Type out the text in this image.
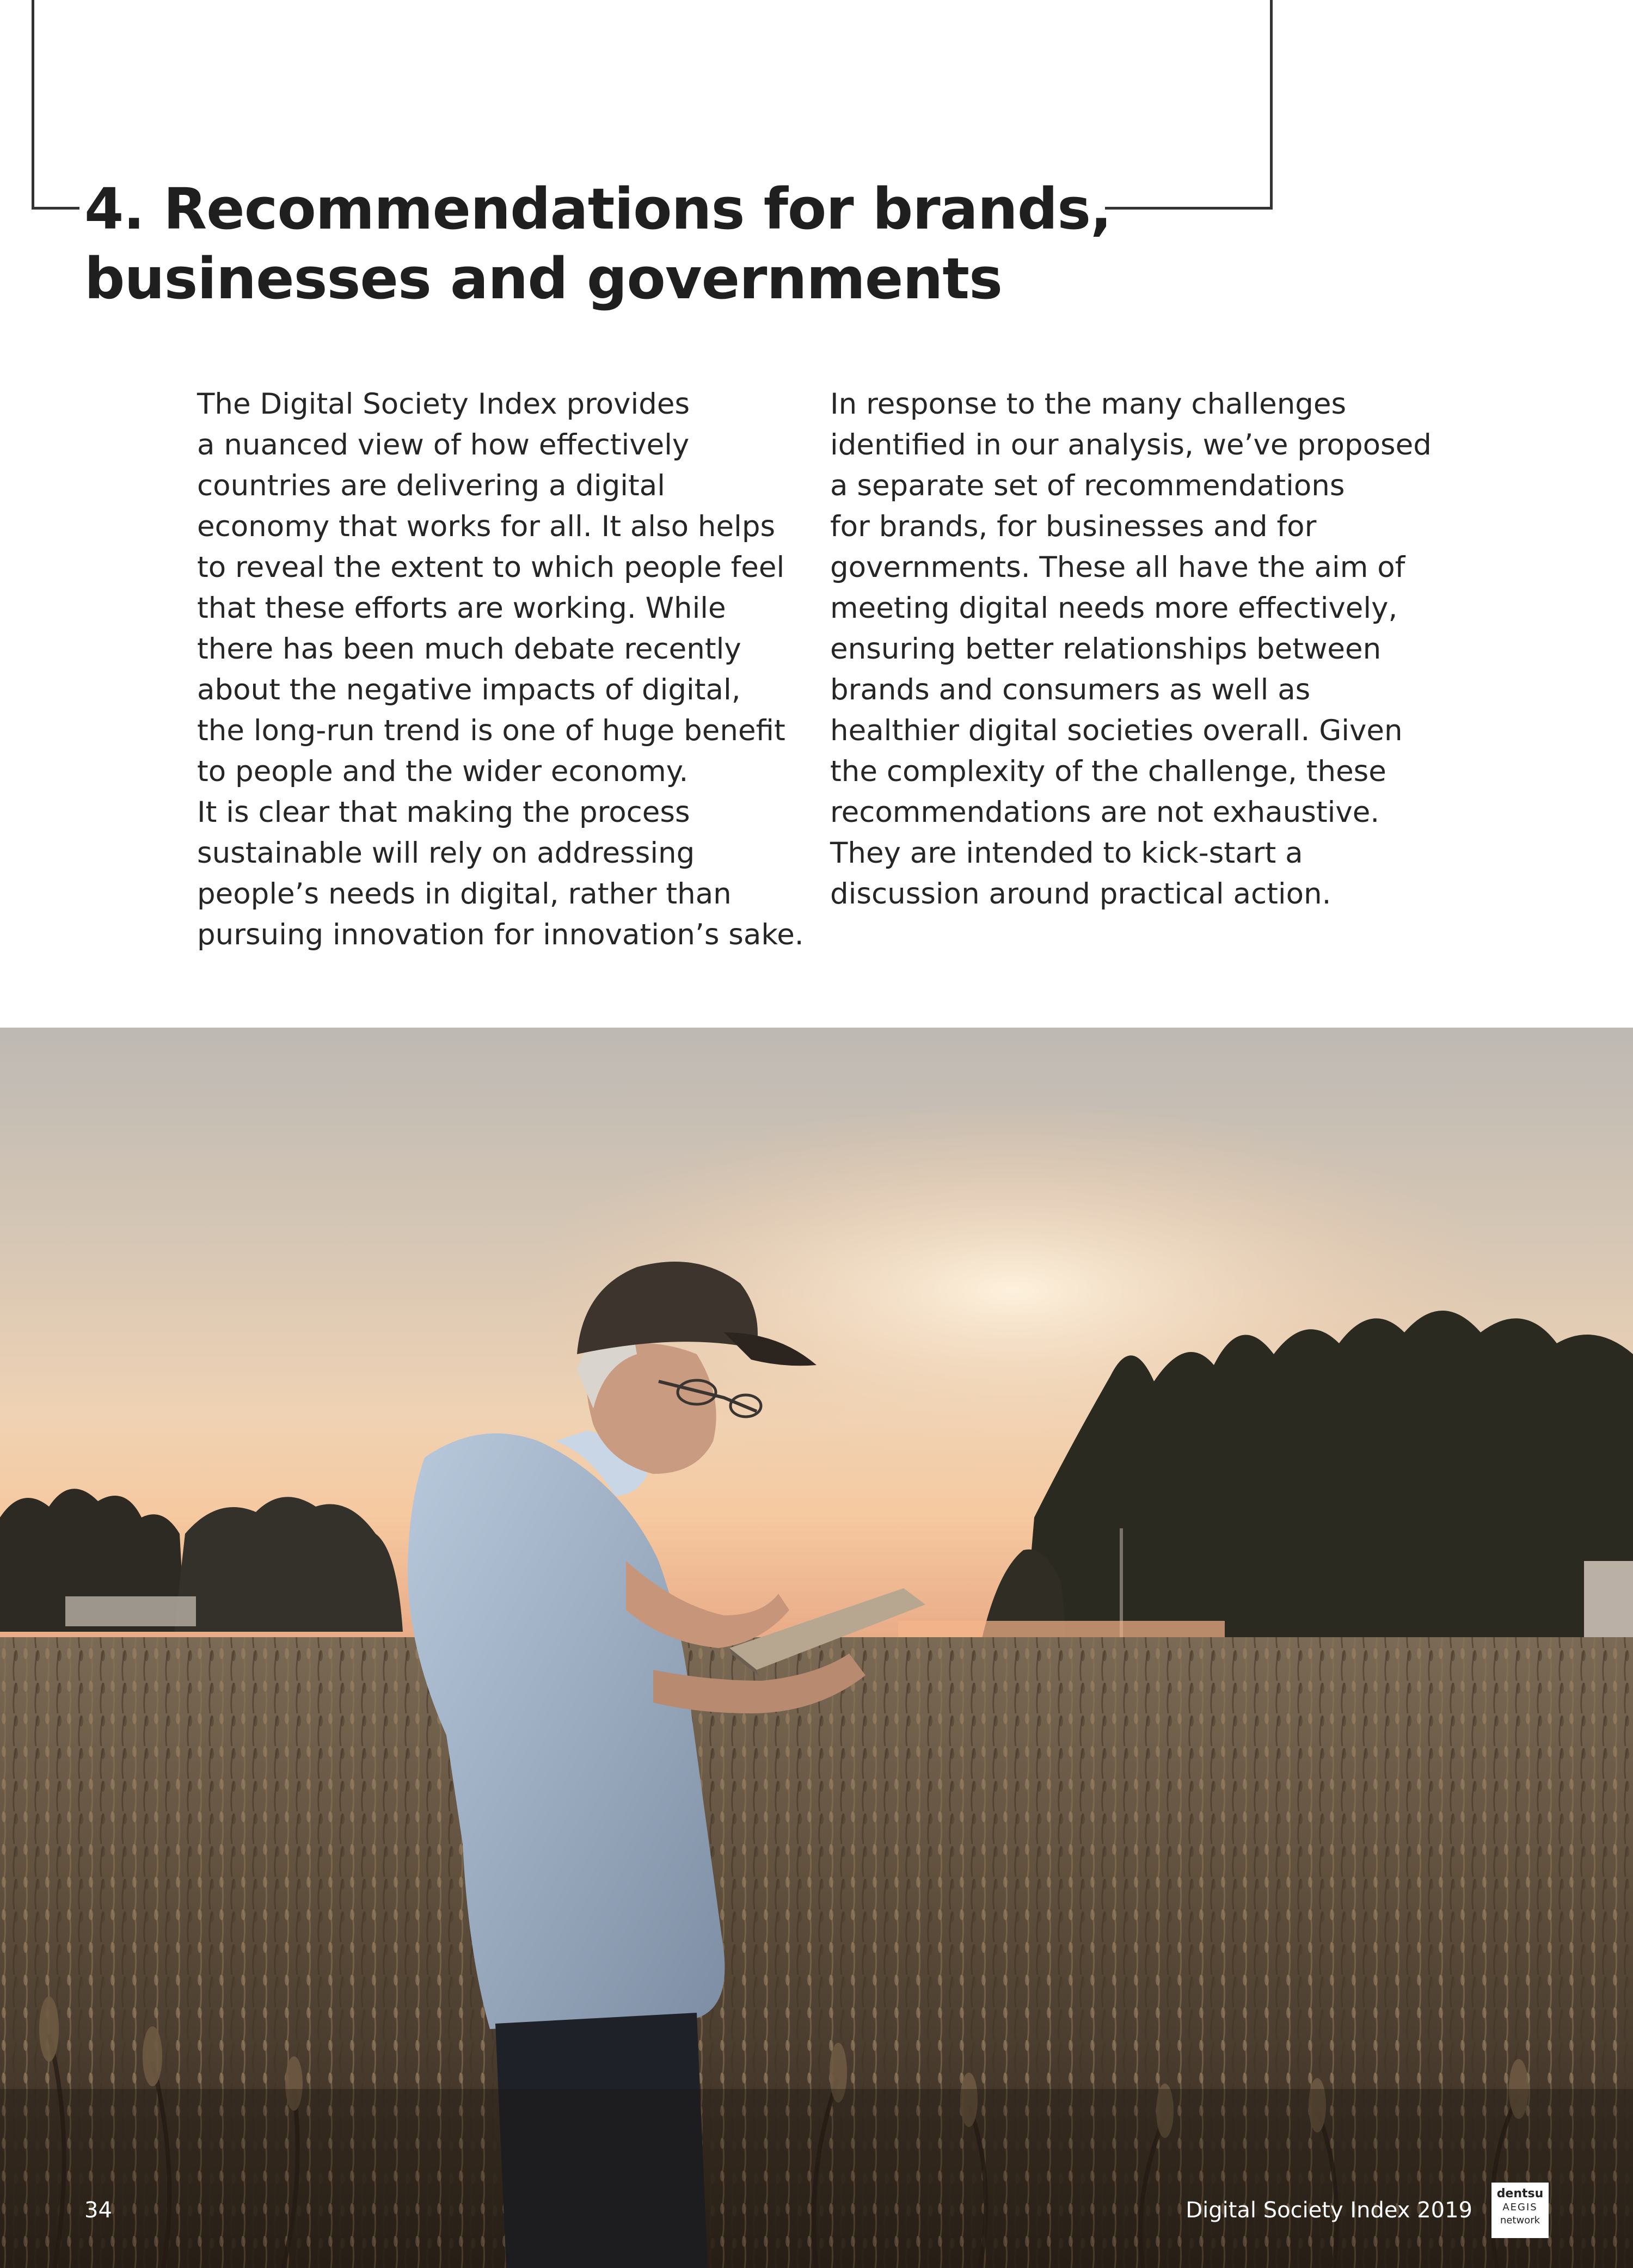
4. Recommendations for brands,
businesses and governments

The Digital Society Index provides
a nuanced view of how effectively
countries are delivering a digital
economy that works for all. It also helps
to reveal the extent to which people feel
that these efforts are working. While
there has been much debate recently
about the negative impacts of digital,
the long-run trend is one of huge benefit
to people and the wider economy.
It is clear that making the process
sustainable will rely on addressing
people’s needs in digital, rather than
pursuing innovation for innovation’s sake.

In response to the many challenges
identified in our analysis, we’ve proposed
a separate set of recommendations
for brands, for businesses and for
governments. These all have the aim of
meeting digital needs more effectively,
ensuring better relationships between
brands and consumers as well as
healthier digital societies overall. Given
the complexity of the challenge, these
recommendations are not exhaustive.
They are intended to kick-start a
discussion around practical action.

34	Digital Society Index 2019
dentsu
AEGIS
network
